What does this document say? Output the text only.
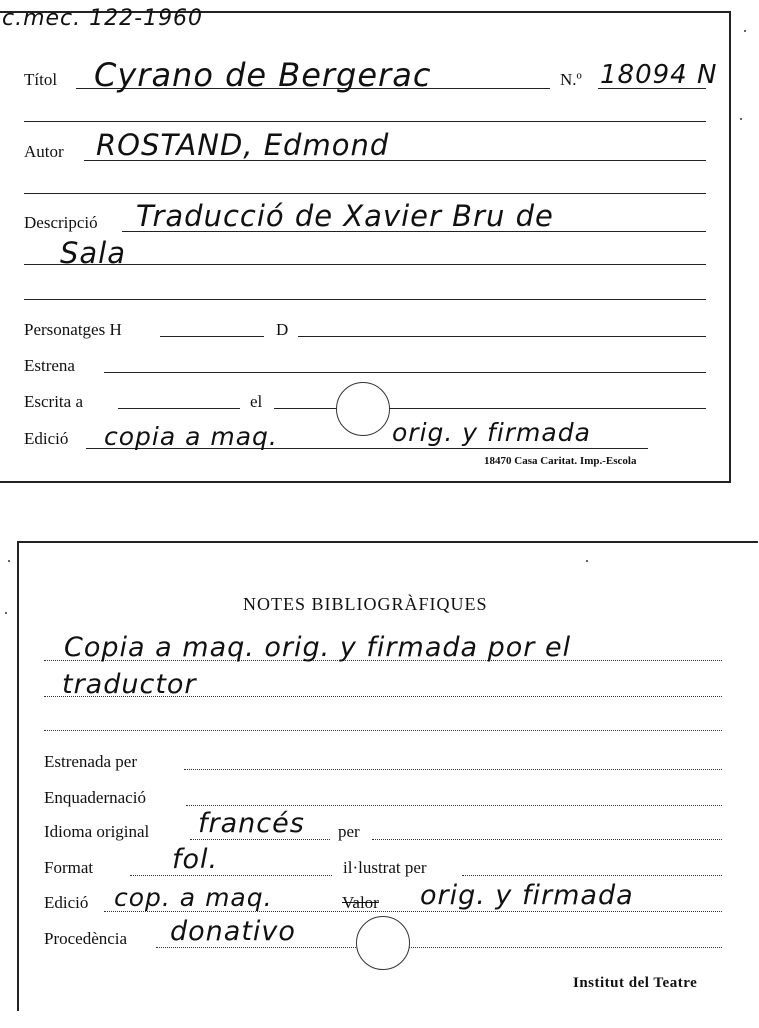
c.mec. 122-1960
Títol Cyrano de Bergerac	N.º 18094 N
Autor ROSTAND, Edmond
Descripció Traducció de Xavier Bru de
Sala
Personatges H	D
Estrena
Escrita a	el
Edició copia a maq.	orig. y firmada
18470 Casa Caritat. Imp.-Escola
NOTES BIBLIOGRÀFIQUES
Copia a maq. orig. y firmada por el
traductor
Estrenada per
Enquadernació
Idioma original francés per
Format	fol.	il·lustrat per
Edició cop. a maq.	Valor orig. y firmada
Procedència donativo
Institut del Teatre
